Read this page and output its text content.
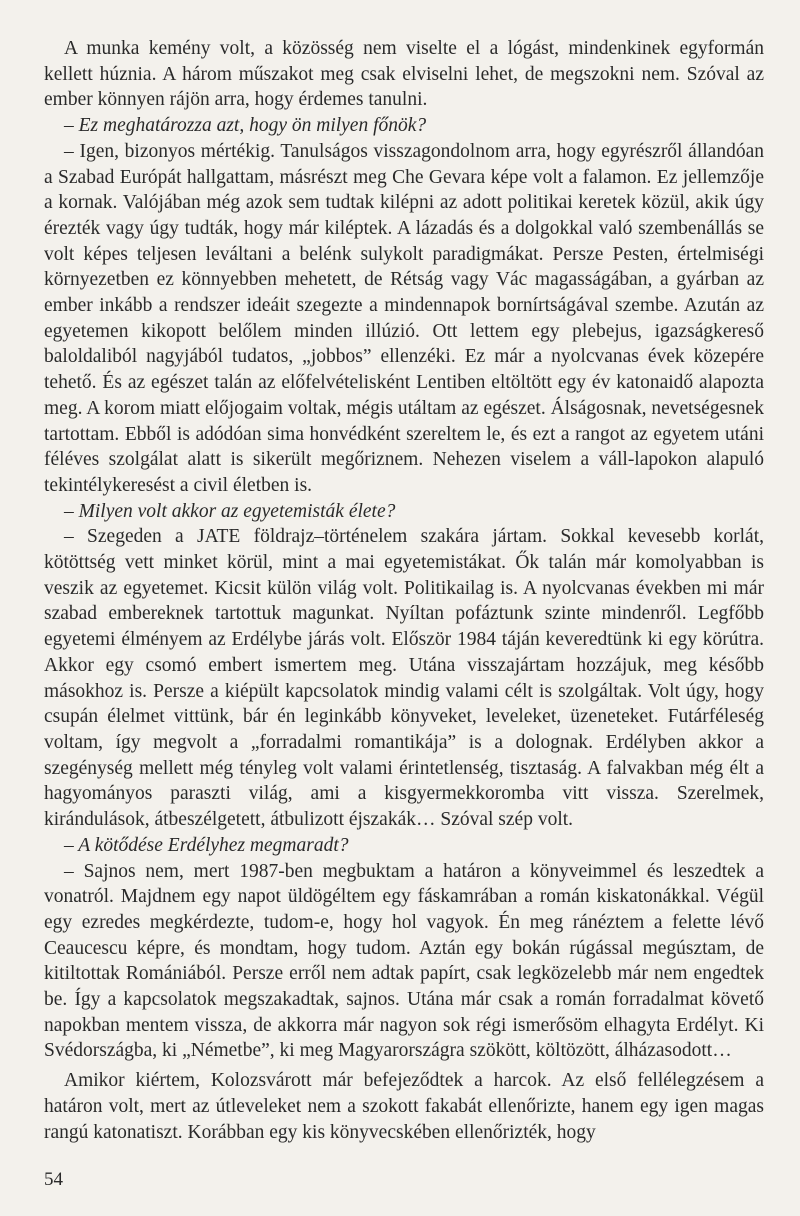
A munka kemény volt, a közösség nem viselte el a lógást, mindenkinek egyformán kellett húznia. A három műszakot meg csak elviselni lehet, de megszokni nem. Szóval az ember könnyen rájön arra, hogy érdemes tanulni.

– Ez meghatározza azt, hogy ön milyen főnök?

– Igen, bizonyos mértékig. Tanulságos visszagondolnom arra, hogy egyrészről állandóan a Szabad Európát hallgattam, másrészt meg Che Gevara képe volt a falamon. Ez jellemzője a kornak. Valójában még azok sem tudtak kilépni az adott politikai keretek közül, akik úgy érezték vagy úgy tudták, hogy már kiléptek. A lázadás és a dolgokkal való szembenállás se volt képes teljesen leváltani a belénk sulykolt paradigmákat. Persze Pesten, értelmiségi környezetben ez könnyebben mehetett, de Rétság vagy Vác magasságában, a gyárban az ember inkább a rendszer ideáit szegezte a mindennapok bornírtságával szembe. Azután az egyetemen kikopott belőlem minden illúzió. Ott lettem egy plebejus, igazságkereső baloldaliból nagyjából tudatos, „jobbos” ellenzéki. Ez már a nyolcvanas évek közepére tehető. És az egészet talán az előfelvételisként Lentiben eltöltött egy év katonaidő alapozta meg. A korom miatt előjogaim voltak, mégis utáltam az egészet. Álságosnak, nevetségesnek tartottam. Ebből is adódóan sima honvédként szereltem le, és ezt a rangot az egyetem utáni féléves szolgálat alatt is sikerült megőriznem. Nehezen viselem a váll-lapokon alapuló tekintélykeresést a civil életben is.

– Milyen volt akkor az egyetemisták élete?

– Szegeden a JATE földrajz–történelem szakára jártam. Sokkal kevesebb korlát, kötöttség vett minket körül, mint a mai egyetemistákat. Ők talán már komolyabban is veszik az egyetemet. Kicsit külön világ volt. Politikailag is. A nyolcvanas években mi már szabad embereknek tartottuk magunkat. Nyíltan pofáztunk szinte mindenről. Legfőbb egyetemi élményem az Erdélybe járás volt. Először 1984 táján keveredtünk ki egy körútra. Akkor egy csomó embert ismertem meg. Utána visszajártam hozzájuk, meg később másokhoz is. Persze a kiépült kapcsolatok mindig valami célt is szolgáltak. Volt úgy, hogy csupán élelmet vittünk, bár én leginkább könyveket, leveleket, üzeneteket. Futárféleség voltam, így megvolt a „forradalmi romantikája” is a dolognak. Erdélyben akkor a szegénység mellett még tényleg volt valami érintetlenség, tisztaság. A falvakban még élt a hagyományos paraszti világ, ami a kisgyermekkoromba vitt vissza. Szerelmek, kirándulások, átbeszélgetett, átbulizott éjszakák… Szóval szép volt.

– A kötődése Erdélyhez megmaradt?

– Sajnos nem, mert 1987-ben megbuktam a határon a könyveimmel és leszedtek a vonatról. Majdnem egy napot üldögéltem egy fáskamrában a román kiskatonákkal. Végül egy ezredes megkérdezte, tudom-e, hogy hol vagyok. Én meg ránéztem a felette lévő Ceaucescu képre, és mondtam, hogy tudom. Aztán egy bokán rúgással megúsztam, de kitiltottak Romániából. Persze erről nem adtak papírt, csak legközelebb már nem engedtek be. Így a kapcsolatok megszakadtak, sajnos. Utána már csak a román forradalmat követő napokban mentem vissza, de akkorra már nagyon sok régi ismerősöm elhagyta Erdélyt. Ki Svédországba, ki „Németbe”, ki meg Magyarországra szökött, költözött, álházasodott…

Amikor kiértem, Kolozsvárott már befejeződtek a harcok. Az első fellélegzésem a határon volt, mert az útleveleket nem a szokott fakabát ellenőrizte, hanem egy igen magas rangú katonatiszt. Korábban egy kis könyvecskében ellenőrizték, hogy

54
